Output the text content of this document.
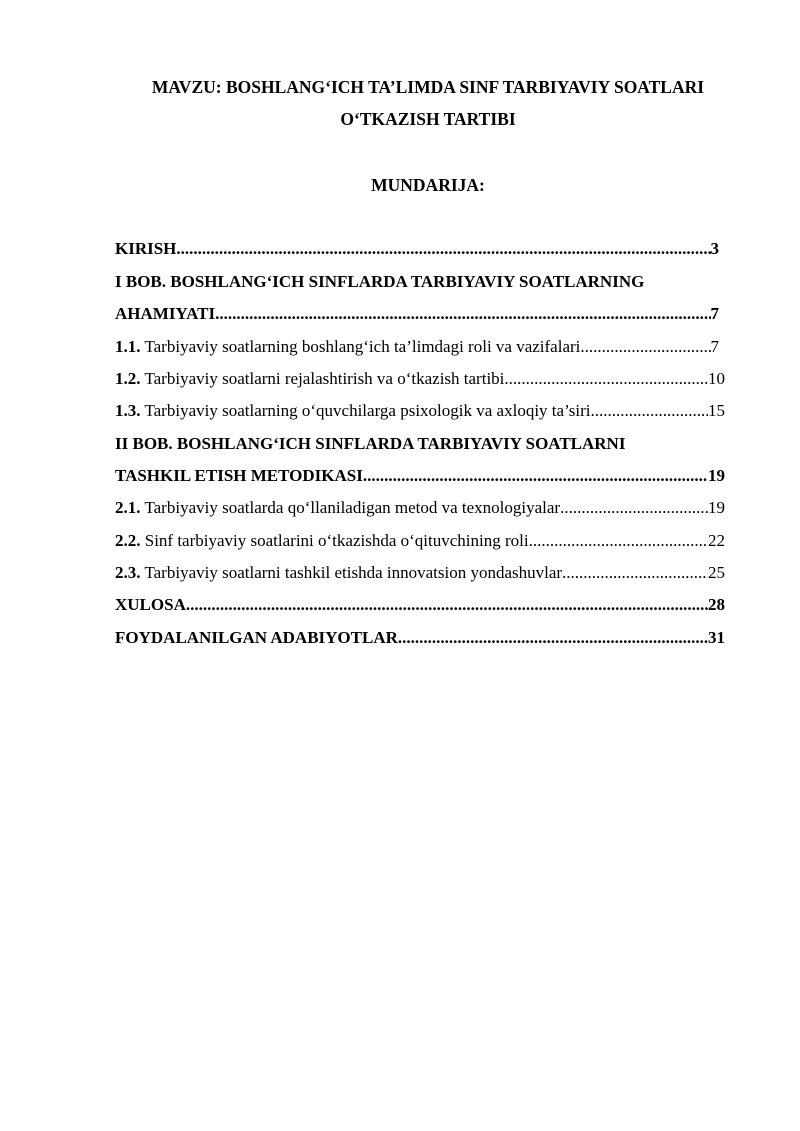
MAVZU: BOSHLANG‘ICH TA’LIMDA SINF TARBIYAVIY SOATLARI
O‘TKAZISH TARTIBI
MUNDARIJA:
KIRISH .....	3
I BOB. BOSHLANG‘ICH SINFLARDA TARBIYAVIY SOATLARNING
AHAMIYATI .....	7
1.1. Tarbiyaviy soatlarning boshlang‘ich ta’limdagi roli va vazifalari .....	7
1.2. Tarbiyaviy soatlarni rejalashtirish va o‘tkazish tartibi .....	10
1.3. Tarbiyaviy soatlarning o‘quvchilarga psixologik va axloqiy ta’siri .....	15
II BOB. BOSHLANG‘ICH SINFLARDA TARBIYAVIY SOATLARNI
TASHKIL ETISH METODIKASI .....	19
2.1. Tarbiyaviy soatlarda qo‘llaniladigan metod va texnologiyalar .....	19
2.2. Sinf tarbiyaviy soatlarini o‘tkazishda o‘qituvchining roli .....	22
2.3. Tarbiyaviy soatlarni tashkil etishda innovatsion yondashuvlar .....	25
XULOSA .....	28
FOYDALANILGAN ADABIYOTLAR .....	31
